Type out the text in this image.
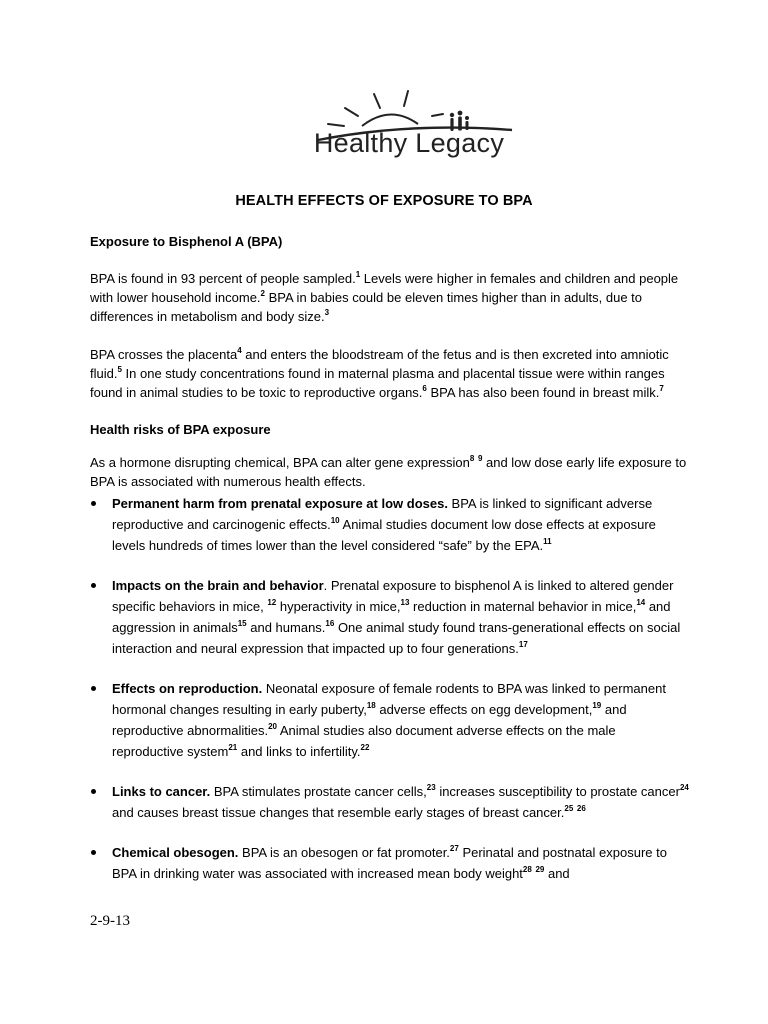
Healthy Legacy
HEALTH EFFECTS OF EXPOSURE TO BPA

Exposure to Bisphenol A (BPA)

BPA is found in 93 percent of people sampled.$^1$ Levels were higher in females and children and people with lower household income.$^2$ BPA in babies could be eleven times higher than in adults, due to differences in metabolism and body size.$^3$

BPA crosses the placenta$^4$ and enters the bloodstream of the fetus and is then excreted into amniotic fluid.$^5$ In one study concentrations found in maternal plasma and placental tissue were within ranges found in animal studies to be toxic to reproductive organs.$^6$ BPA has also been found in breast milk.$^7$

Health risks of BPA exposure

As a hormone disrupting chemical, BPA can alter gene expression$^8$ $^9$ and low dose early life exposure to BPA is associated with numerous health effects.

Permanent harm from prenatal exposure at low doses. BPA is linked to significant adverse reproductive and carcinogenic effects.$^{10}$ Animal studies document low dose effects at exposure levels hundreds of times lower than the level considered “safe” by the EPA.$^{11}$
Impacts on the brain and behavior. Prenatal exposure to bisphenol A is linked to altered gender specific behaviors in mice, $^{12}$ hyperactivity in mice,$^{13}$ reduction in maternal behavior in mice,$^{14}$ and aggression in animals$^{15}$ and humans.$^{16}$ One animal study found trans-generational effects on social interaction and neural expression that impacted up to four generations.$^{17}$
Effects on reproduction. Neonatal exposure of female rodents to BPA was linked to permanent hormonal changes resulting in early puberty,$^{18}$ adverse effects on egg development,$^{19}$ and reproductive abnormalities.$^{20}$ Animal studies also document adverse effects on the male reproductive system$^{21}$ and links to infertility.$^{22}$
Links to cancer. BPA stimulates prostate cancer cells,$^{23}$ increases susceptibility to prostate cancer$^{24}$ and causes breast tissue changes that resemble early stages of breast cancer.$^{25}$ $^{26}$
Chemical obesogen. BPA is an obesogen or fat promoter.$^{27}$ Perinatal and postnatal exposure to BPA in drinking water was associated with increased mean body weight$^{28}$ $^{29}$ and
2-9-13
